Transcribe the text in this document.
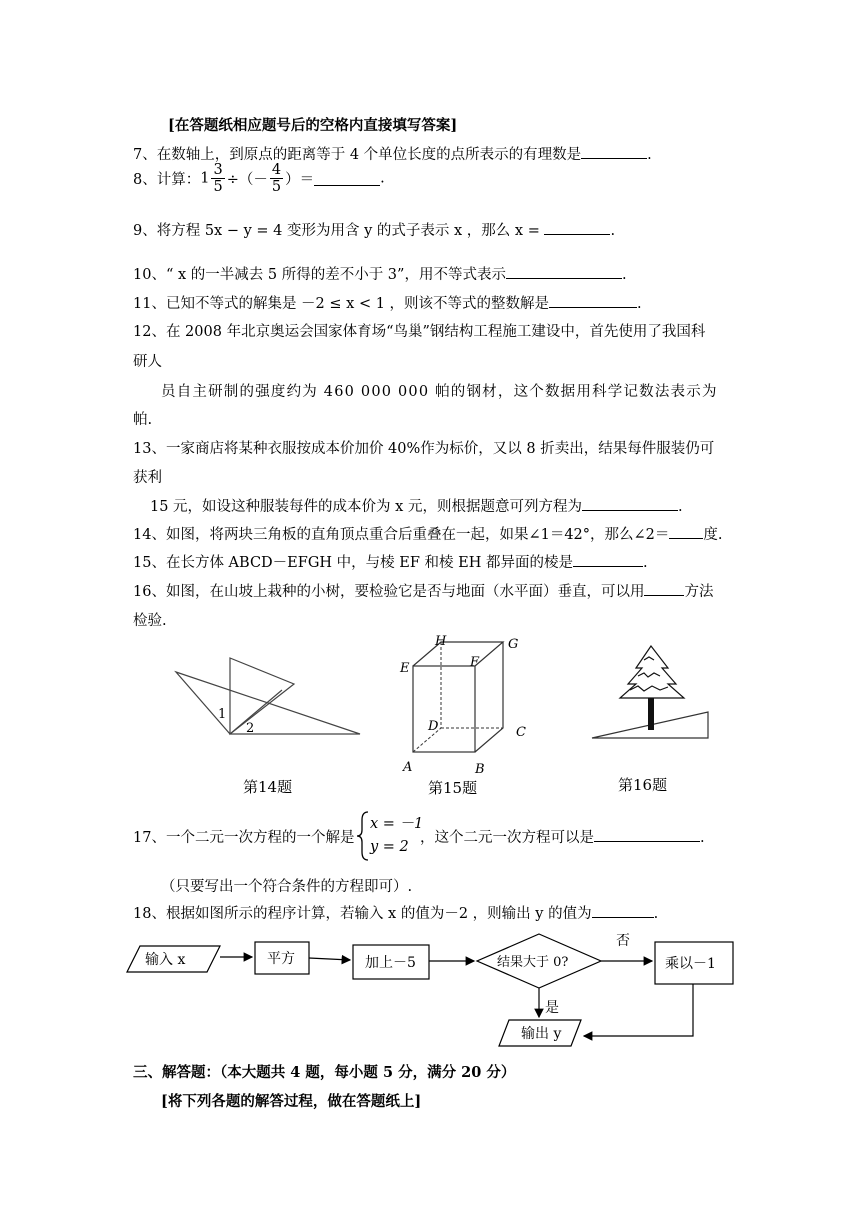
[在答题纸相应题号后的空格内直接填写答案]
7、在数轴上，到原点的距离等于 4 个单位长度的点所表示的有理数是	.
8、计算：$1 \frac{3}{5}$ ÷（－ $\frac{4}{5}$ ）＝	.
9、将方程 5x − y = 4 变形为用含 y 的式子表示 x ，那么 x =	.
10、“ x 的一半减去 5 所得的差不小于 3”，用不等式表示	.
11、已知不等式的解集是 －2 ≤ x < 1 ，则该不等式的整数解是	.
12、在 2008 年北京奥运会国家体育场“鸟巢”钢结构工程施工建设中，首先使用了我国科
研人
员自主研制的强度约为 460 000 000 帕的钢材，这个数据用科学记数法表示为
帕.
13、一家商店将某种衣服按成本价加价 40%作为标价，又以 8 折卖出，结果每件服装仍可
获利
15 元，如设这种服装每件的成本价为 x 元，则根据题意可列方程为	.
14、如图，将两块三角板的直角顶点重合后重叠在一起，如果∠1＝42°，那么∠2＝ 度.
15、在长方体 ABCD－EFGH 中，与棱 EF 和棱 EH 都异面的棱是	.
16、如图，在山坡上栽种的小树，要检验它是否与地面（水平面）垂直，可以用	方法
检验.
1
2
第14题
H	G
E	F
D	C
A	B
第15题	第16题
17、一个二元一次方程的一个解是
x = －1
y = 2
，这个二元一次方程可以是	.
（只要写出一个符合条件的方程即可）.
18、根据如图所示的程序计算，若输入 x 的值为－2 ，则输出 y 的值为	.
输入 x	平方	加上－5	结果大于 0?
否
乘以－1
是
输出 y
三、解答题：（本大题共 4 题，每小题 5 分，满分 20 分）
[将下列各题的解答过程，做在答题纸上]
